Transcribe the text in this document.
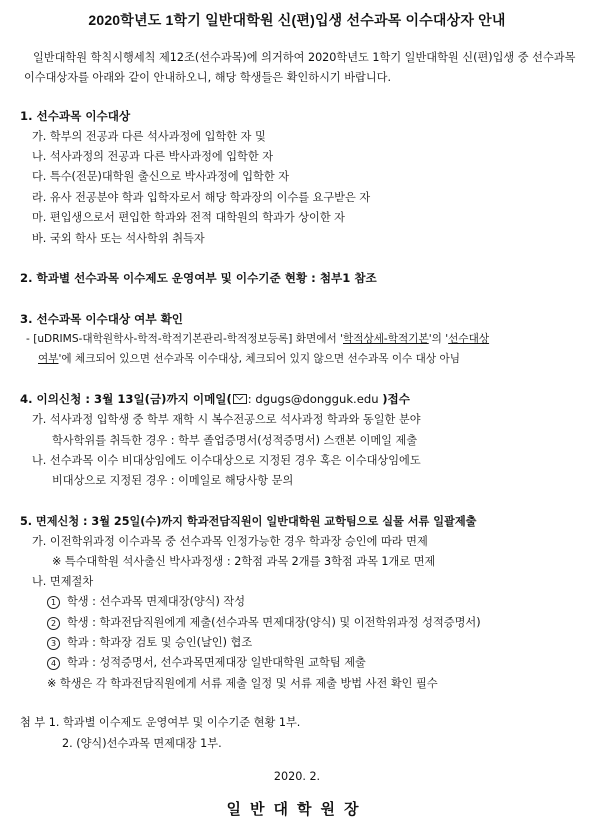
2020학년도 1학기 일반대학원 신(편)입생 선수과목 이수대상자 안내
일반대학원 학칙시행세칙 제12조(선수과목)에 의거하여 2020학년도 1학기 일반대학원 신(편)입생 중 선수과목 이수대상자를 아래와 같이 안내하오니, 해당 학생들은 확인하시기 바랍니다.
1. 선수과목 이수대상
가. 학부의 전공과 다른 석사과정에 입학한 자 및
나. 석사과정의 전공과 다른 박사과정에 입학한 자
다. 특수(전문)대학원 출신으로 박사과정에 입학한 자
라. 유사 전공분야 학과 입학자로서 해당 학과장의 이수를 요구받은 자
마. 편입생으로서 편입한 학과와 전적 대학원의 학과가 상이한 자
바. 국외 학사 또는 석사학위 취득자
2. 학과별 선수과목 이수제도 운영여부 및 이수기준 현황 : 첨부1 참조
3. 선수과목 이수대상 여부 확인
- [uDRIMS-대학원학사-학적-학적기본관리-학적정보등록] 화면에서 '학적상세-학적기본'의 '선수대상
여부'에 체크되어 있으면 선수과목 이수대상, 체크되어 있지 않으면 선수과목 이수 대상 아님
4. 이의신청 : 3월 13일(금)까지 이메일( : dgugs@dongguk.edu )접수
가. 석사과정 입학생 중 학부 재학 시 복수전공으로 석사과정 학과와 동일한 분야
학사학위를 취득한 경우 : 학부 졸업증명서(성적증명서) 스캔본 이메일 제출
나. 선수과목 이수 비대상임에도 이수대상으로 지정된 경우 혹은 이수대상임에도
비대상으로 지정된 경우 : 이메일로 해당사항 문의
5. 면제신청 : 3월 25일(수)까지 학과전담직원이 일반대학원 교학팀으로 실물 서류 일괄제출
가. 이전학위과정 이수과목 중 선수과목 인정가능한 경우 학과장 승인에 따라 면제
※ 특수대학원 석사출신 박사과정생 : 2학점 과목 2개를 3학점 과목 1개로 면제
나. 면제절차
1 학생 : 선수과목 면제대장(양식) 작성
2 학생 : 학과전담직원에게 제출(선수과목 면제대장(양식) 및 이전학위과정 성적증명서)
3 학과 : 학과장 검토 및 승인(날인) 협조
4 학과 : 성적증명서, 선수과목면제대장 일반대학원 교학팀 제출
※ 학생은 각 학과전담직원에게 서류 제출 일정 및 서류 제출 방법 사전 확인 필수
첨 부 1. 학과별 이수제도 운영여부 및 이수기준 현황 1부.
2. (양식)선수과목 면제대장 1부.
2020. 2.
일반대학원장
